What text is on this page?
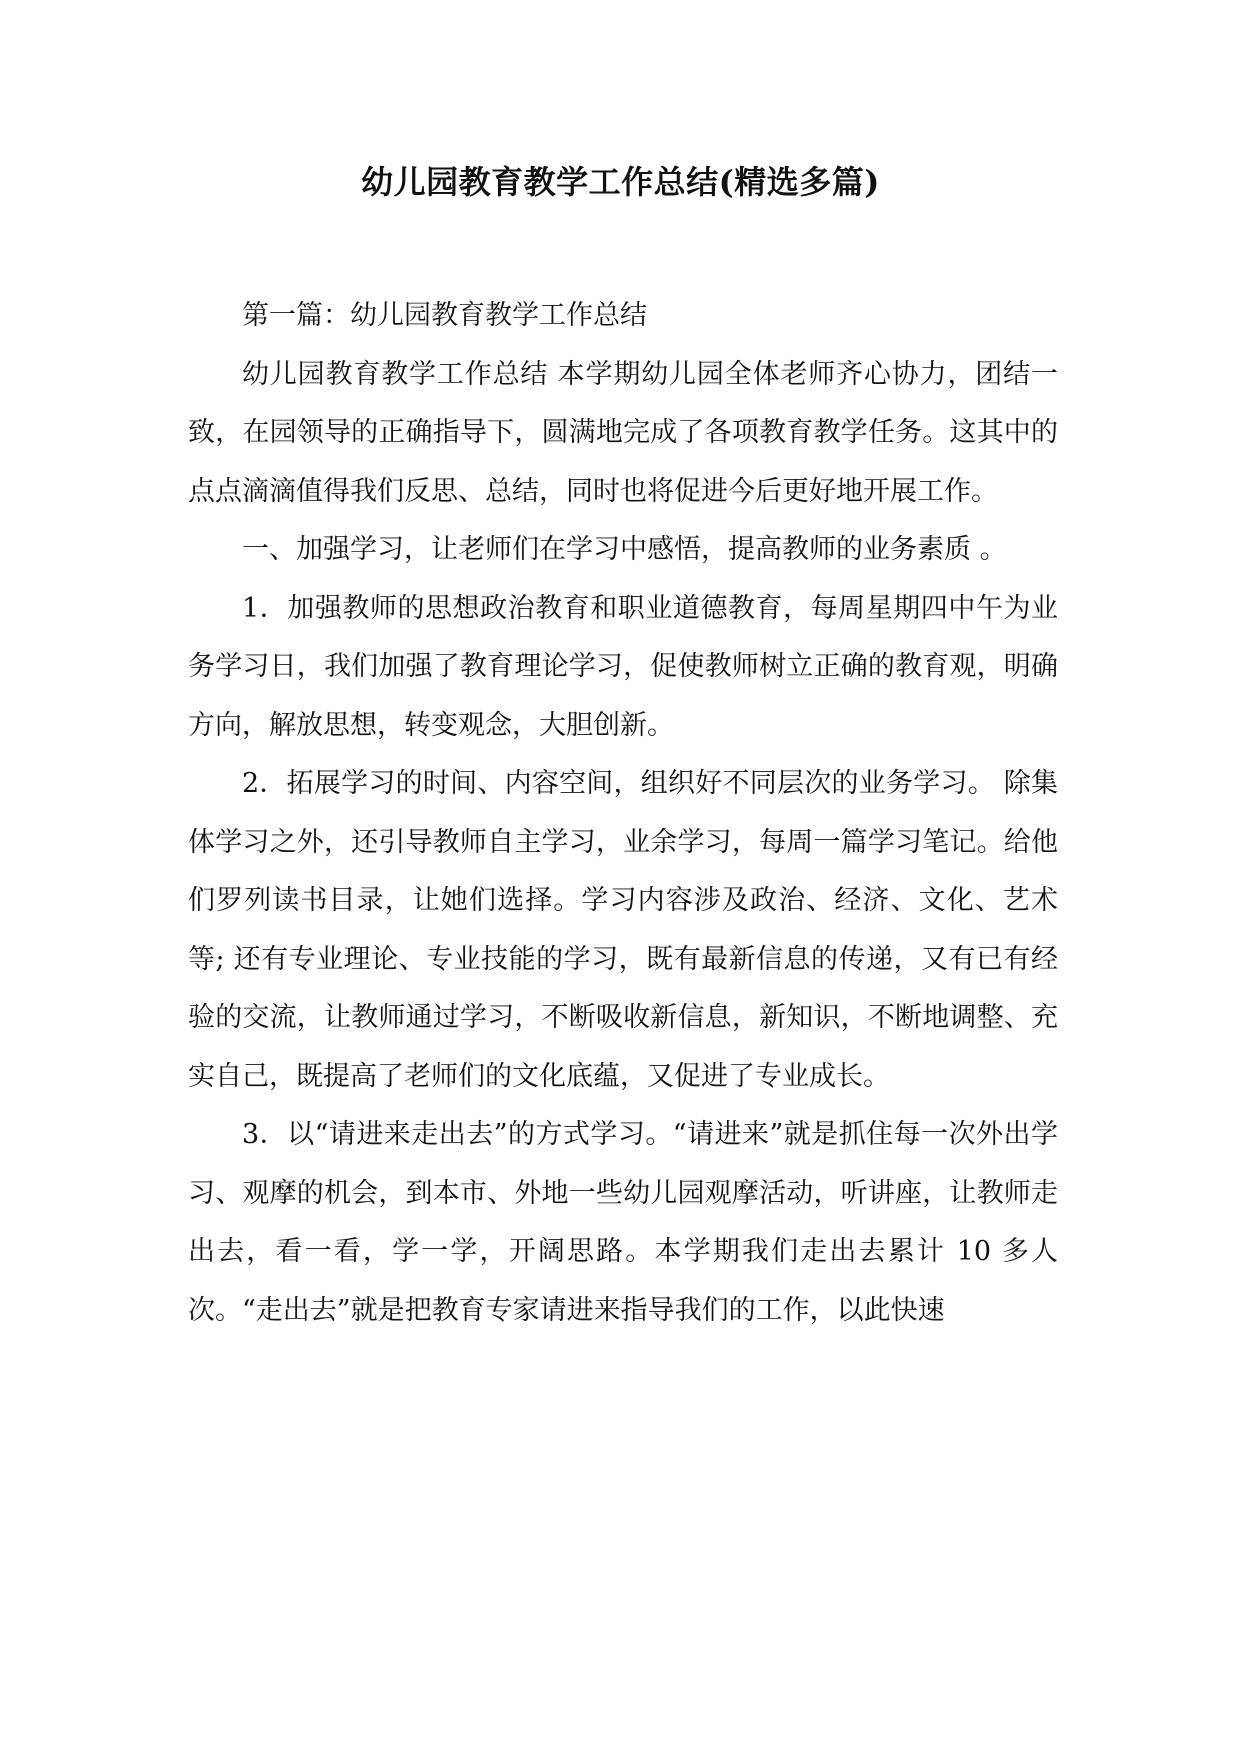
幼儿园教育教学工作总结(精选多篇)

第一篇：幼儿园教育教学工作总结

幼儿园教育教学工作总结 本学期幼儿园全体老师齐心协力，团结一致，在园领导的正确指导下，圆满地完成了各项教育教学任务。这其中的点点滴滴值得我们反思、总结，同时也将促进今后更好地开展工作。

一、加强学习，让老师们在学习中感悟，提高教师的业务素质 。

1．加强教师的思想政治教育和职业道德教育，每周星期四中午为业务学习日，我们加强了教育理论学习，促使教师树立正确的教育观，明确方向，解放思想，转变观念，大胆创新。

2．拓展学习的时间、内容空间，组织好不同层次的业务学习。 除集体学习之外，还引导教师自主学习，业余学习，每周一篇学习笔记。给他们罗列读书目录，让她们选择。学习内容涉及政治、经济、文化、艺术等; 还有专业理论、专业技能的学习，既有最新信息的传递，又有已有经验的交流，让教师通过学习，不断吸收新信息，新知识，不断地调整、充实自己，既提高了老师们的文化底蕴，又促进了专业成长。

3．以“请进来走出去”的方式学习。“请进来”就是抓住每一次外出学习、观摩的机会，到本市、外地一些幼儿园观摩活动，听讲座，让教师走出去，看一看，学一学，开阔思路。本学期我们走出去累计 10 多人次。“走出去”就是把教育专家请进来指导我们的工作，以此快速
